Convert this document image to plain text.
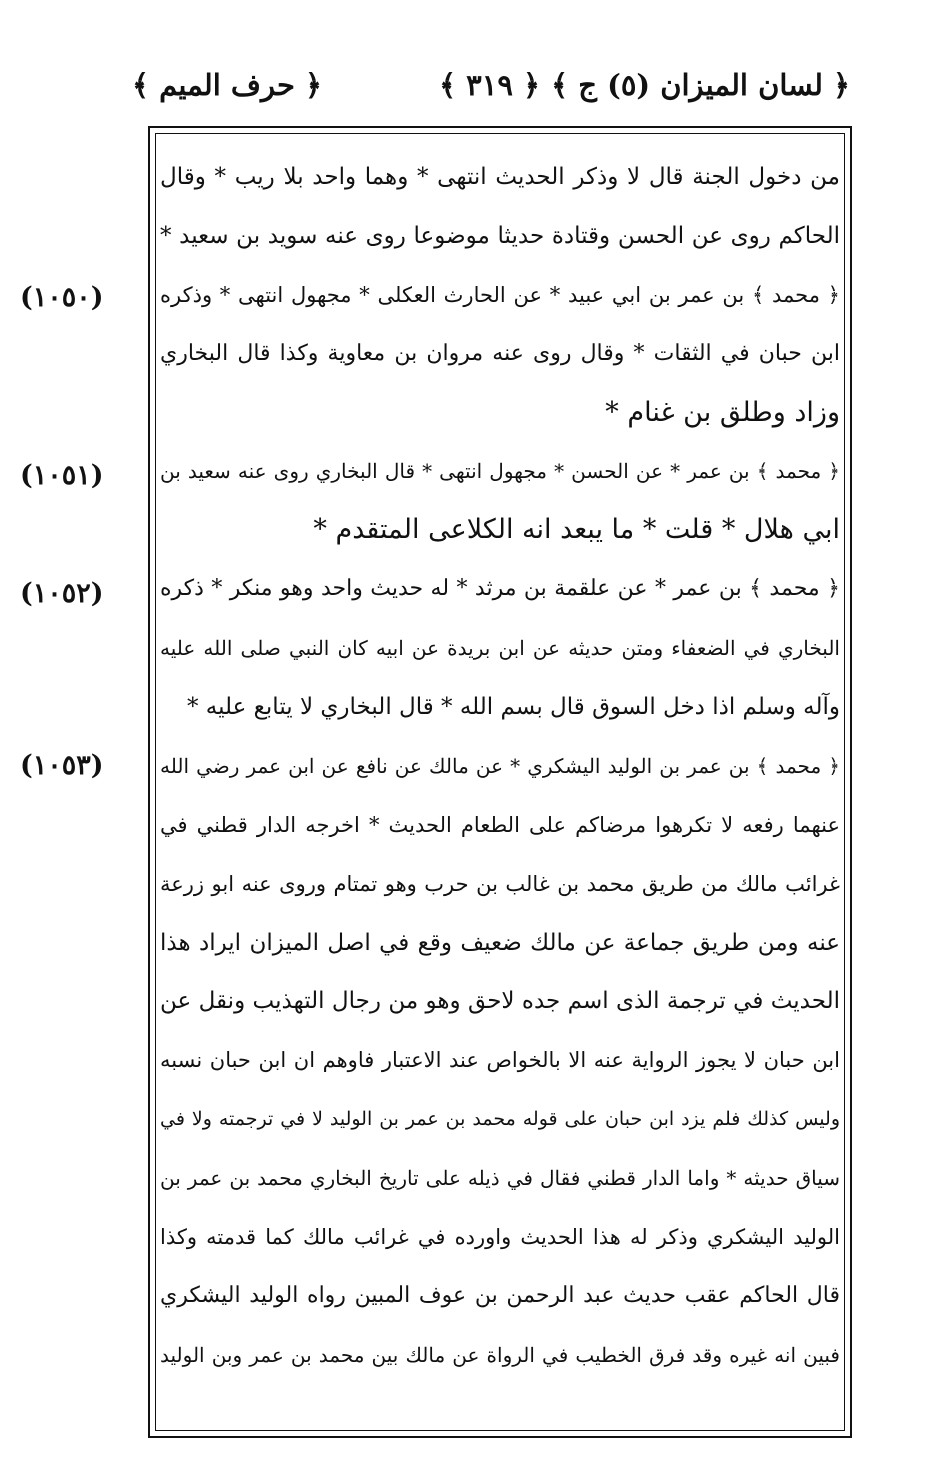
﴿ لسان الميزان (٥) ج ﴾
﴿ ٣١٩ ﴾
﴿ حرف الميم ﴾
(١٠٥٠)
(١٠٥١)
(١٠٥٢)
(١٠٥٣)
من دخول الجنة قال لا وذكر الحديث انتهى * وهما واحد بلا ريب * وقال
الحاكم روى عن الحسن وقتادة حديثا موضوعا روى عنه سويد بن سعيد *
﴿ محمد ﴾ بن عمر بن ابي عبيد * عن الحارث العكلى * مجهول انتهى * وذكره
ابن حبان في الثقات * وقال روى عنه مروان بن معاوية وكذا قال البخاري
وزاد وطلق بن غنام *
﴿ محمد ﴾ بن عمر * عن الحسن * مجهول انتهى * قال البخاري روى عنه سعيد بن
ابي هلال * قلت * ما يبعد انه الكلاعى المتقدم *
﴿ محمد ﴾ بن عمر * عن علقمة بن مرثد * له حديث واحد وهو منكر * ذكره
البخاري في الضعفاء ومتن حديثه عن ابن بريدة عن ابيه كان النبي صلى الله عليه
وآله وسلم اذا دخل السوق قال بسم الله * قال البخاري لا يتابع عليه *
﴿ محمد ﴾ بن عمر بن الوليد اليشكري * عن مالك عن نافع عن ابن عمر رضي الله
عنهما رفعه لا تكرهوا مرضاكم على الطعام الحديث * اخرجه الدار قطني في
غرائب مالك من طريق محمد بن غالب بن حرب وهو تمتام وروى عنه ابو زرعة
عنه ومن طريق جماعة عن مالك ضعيف وقع في اصل الميزان ايراد هذا
الحديث في ترجمة الذى اسم جده لاحق وهو من رجال التهذيب ونقل عن
ابن حبان لا يجوز الرواية عنه الا بالخواص عند الاعتبار فاوهم ان ابن حبان نسبه
وليس كذلك فلم يزد ابن حبان على قوله محمد بن عمر بن الوليد لا في ترجمته ولا في
سياق حديثه * واما الدار قطني فقال في ذيله على تاريخ البخاري محمد بن عمر بن
الوليد اليشكري وذكر له هذا الحديث واورده في غرائب مالك كما قدمته وكذا
قال الحاكم عقب حديث عبد الرحمن بن عوف المبين رواه الوليد اليشكري
فبين انه غيره وقد فرق الخطيب في الرواة عن مالك بين محمد بن عمر وبن الوليد
